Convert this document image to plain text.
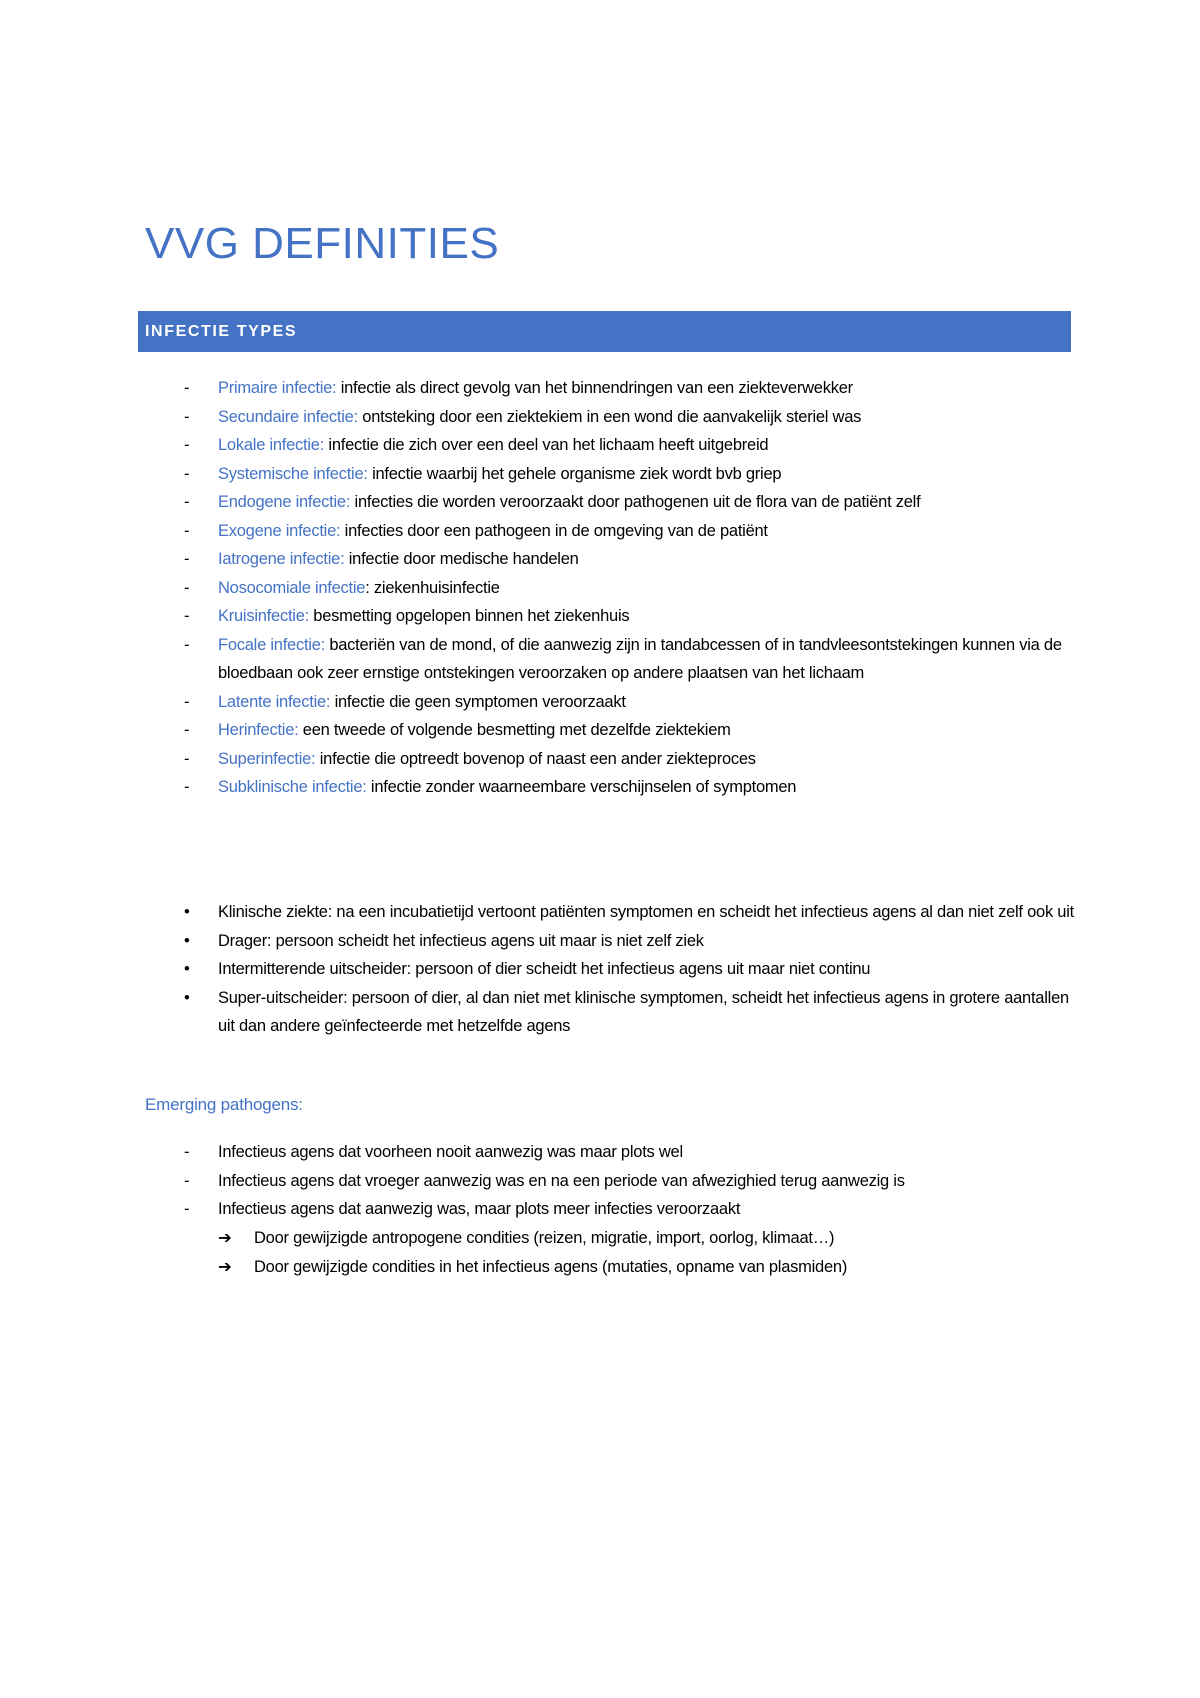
VVG DEFINITIES
INFECTIE TYPES
-	Primaire infectie: infectie als direct gevolg van het binnendringen van een ziekteverwekker
-	Secundaire infectie: ontsteking door een ziektekiem in een wond die aanvakelijk steriel was
-	Lokale infectie: infectie die zich over een deel van het lichaam heeft uitgebreid
-	Systemische infectie: infectie waarbij het gehele organisme ziek wordt bvb griep
-	Endogene infectie: infecties die worden veroorzaakt door pathogenen uit de flora van de patiënt zelf
-	Exogene infectie: infecties door een pathogeen in de omgeving van de patiënt
-	Iatrogene infectie: infectie door medische handelen
-	Nosocomiale infectie: ziekenhuisinfectie
-	Kruisinfectie: besmetting opgelopen binnen het ziekenhuis
-	Focale infectie: bacteriën van de mond, of die aanwezig zijn in tandabcessen of in tandvleesontstekingen kunnen via de bloedbaan ook zeer ernstige ontstekingen veroorzaken op andere plaatsen van het lichaam
-	Latente infectie: infectie die geen symptomen veroorzaakt
-	Herinfectie: een tweede of volgende besmetting met dezelfde ziektekiem
-	Superinfectie: infectie die optreedt bovenop of naast een ander ziekteproces
-	Subklinische infectie: infectie zonder waarneembare verschijnselen of symptomen
•	Klinische ziekte: na een incubatietijd vertoont patiënten symptomen en scheidt het infectieus agens al dan niet zelf ook uit
•	Drager: persoon scheidt het infectieus agens uit maar is niet zelf ziek
•	Intermitterende uitscheider: persoon of dier scheidt het infectieus agens uit maar niet continu
•	Super-uitscheider: persoon of dier, al dan niet met klinische symptomen, scheidt het infectieus agens in grotere aantallen uit dan andere geïnfecteerde met hetzelfde agens
Emerging pathogens:
-	Infectieus agens dat voorheen nooit aanwezig was maar plots wel
-	Infectieus agens dat vroeger aanwezig was en na een periode van afwezighied terug aanwezig is
-	Infectieus agens dat aanwezig was, maar plots meer infecties veroorzaakt
➔ Door gewijzigde antropogene condities (reizen, migratie, import, oorlog, klimaat…)
➔ Door gewijzigde condities in het infectieus agens (mutaties, opname van plasmiden)
